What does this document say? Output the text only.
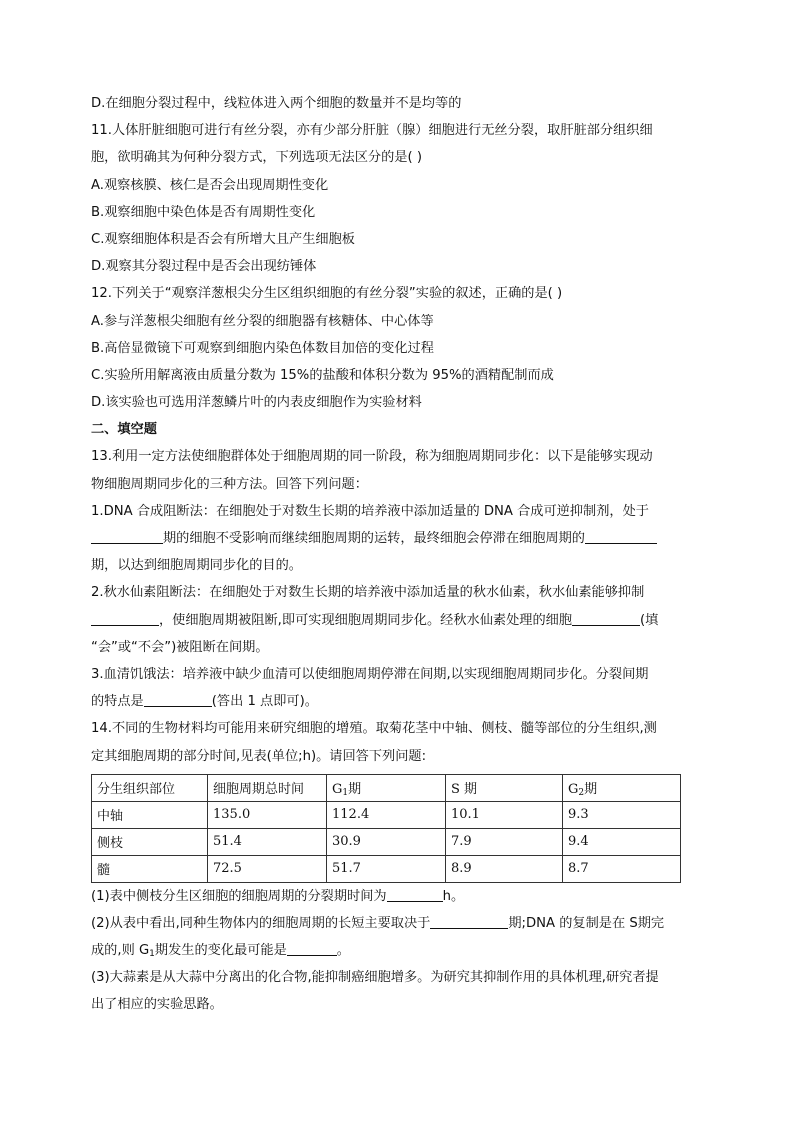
D.在细胞分裂过程中，线粒体进入两个细胞的数量并不是均等的
11.人体肝脏细胞可进行有丝分裂，亦有少部分肝脏（腺）细胞进行无丝分裂，取肝脏部分组织细
胞，欲明确其为何种分裂方式，下列选项无法区分的是( )
A.观察核膜、核仁是否会出现周期性变化
B.观察细胞中染色体是否有周期性变化
C.观察细胞体积是否会有所增大且产生细胞板
D.观察其分裂过程中是否会出现纺锤体
12.下列关于“观察洋葱根尖分生区组织细胞的有丝分裂”实验的叙述，正确的是( )
A.参与洋葱根尖细胞有丝分裂的细胞器有核糖体、中心体等
B.高倍显微镜下可观察到细胞内染色体数目加倍的变化过程
C.实验所用解离液由质量分数为 15%的盐酸和体积分数为 95%的酒精配制而成
D.该实验也可选用洋葱鳞片叶的内表皮细胞作为实验材料
二、填空题
13.利用一定方法使细胞群体处于细胞周期的同一阶段，称为细胞周期同步化：以下是能够实现动
物细胞周期同步化的三种方法。回答下列问题：
1.DNA 合成阻断法：在细胞处于对数生长期的培养液中添加适量的 DNA 合成可逆抑制剂，处于
期的细胞不受影响而继续细胞周期的运转，最终细胞会停滞在细胞周期的
期，以达到细胞周期同步化的目的。
2.秋水仙素阻断法：在细胞处于对数生长期的培养液中添加适量的秋水仙素，秋水仙素能够抑制
，使细胞周期被阻断,即可实现细胞周期同步化。经秋水仙素处理的细胞	(填
“会”或“不会”)被阻断在间期。
3.血清饥饿法：培养液中缺少血清可以使细胞周期停滞在间期,以实现细胞周期同步化。分裂间期
的特点是	(答出 1 点即可)。
14.不同的生物材料均可能用来研究细胞的增殖。取菊花茎中中轴、侧枝、髓等部位的分生组织,测
定其细胞周期的部分时间,见表(单位;h)。请回答下列问题:
分生组织部位	细胞周期总时间	$G_1$期	S 期	$G_2$期
中轴	135.0	112.4	10.1	9.3
侧枝	51.4	30.9	7.9	9.4
髓	72.5	51.7	8.9	8.7
(1)表中侧枝分生区细胞的细胞周期的分裂期时间为	h。
(2)从表中看出,同种生物体内的细胞周期的长短主要取决于	期;DNA 的复制是在 S期完
成的,则 $G_1$期发生的变化最可能是	。
(3)大蒜素是从大蒜中分离出的化合物,能抑制癌细胞增多。为研究其抑制作用的具体机理,研究者提
出了相应的实验思路。
